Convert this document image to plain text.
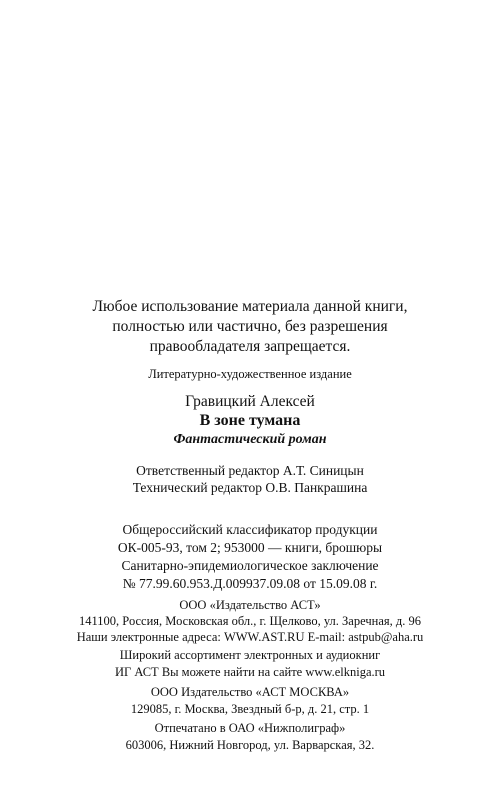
Любое использование материала данной книги,
полностью или частично, без разрешения
правообладателя запрещается.
Литературно-художественное издание
Гравицкий Алексей
В зоне тумана
Фантастический роман
Ответственный редактор А.Т. Синицын
Технический редактор О.В. Панкрашина
Общероссийский классификатор продукции
ОК-005-93, том 2; 953000 — книги, брошюры
Санитарно-эпидемиологическое заключение
№ 77.99.60.953.Д.009937.09.08 от 15.09.08 г.
ООО «Издательство АСТ»
141100, Россия, Московская обл., г. Щелково, ул. Заречная, д. 96
Наши электронные адреса: WWW.AST.RU E-mail: astpub@aha.ru
Широкий ассортимент электронных и аудиокниг
ИГ АСТ Вы можете найти на сайте www.elkniga.ru
ООО Издательство «АСТ МОСКВА»
129085, г. Москва, Звездный б-р, д. 21, стр. 1
Отпечатано в ОАО «Нижполиграф»
603006, Нижний Новгород, ул. Варварская, 32.
